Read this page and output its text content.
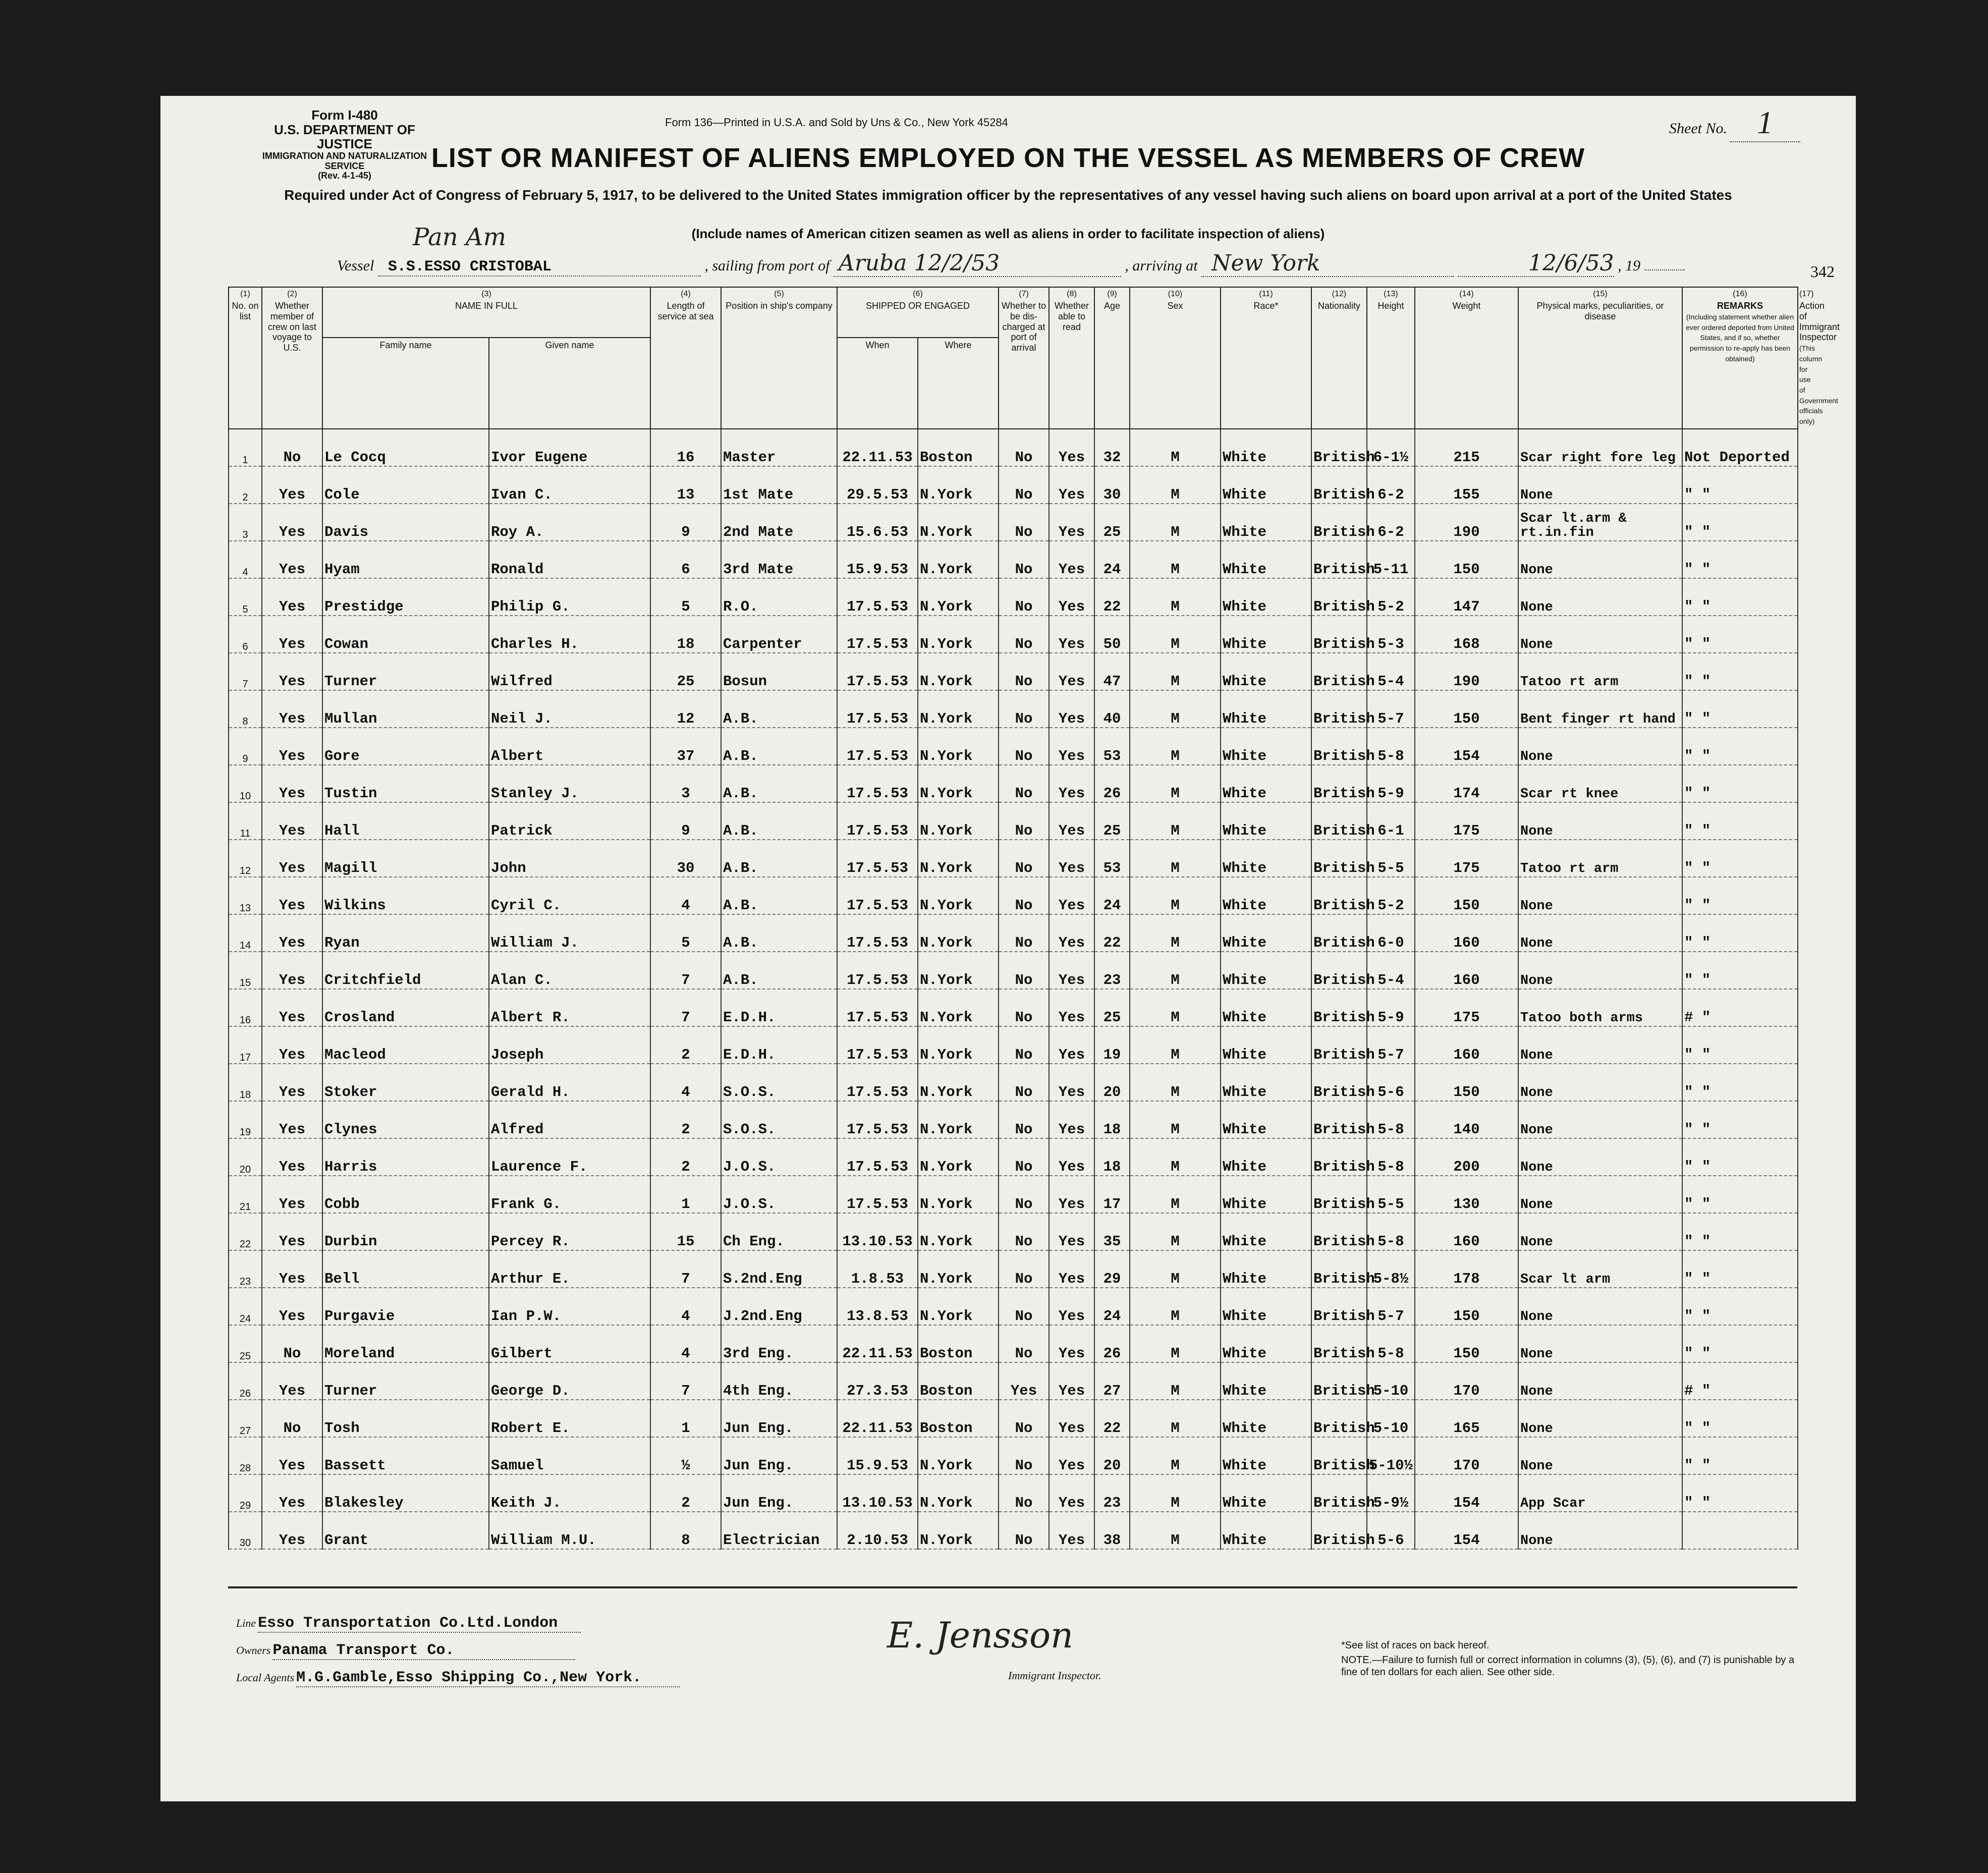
Form I-480
U.S. DEPARTMENT OF JUSTICE
IMMIGRATION AND NATURALIZATION SERVICE
(Rev. 4-1-45)
Form 136—Printed in U.S.A. and Sold by Uns & Co., New York 45284	Sheet No. 1
LIST OR MANIFEST OF ALIENS EMPLOYED ON THE VESSEL AS MEMBERS OF CREW
Required under Act of Congress of February 5, 1917, to be delivered to the United States immigration officer by the representatives of any vessel having such aliens on board upon arrival at a port of the United States
(Include names of American citizen seamen as well as aliens in order to facilitate inspection of aliens)
Pan Am
Vessel S.S.ESSO CRISTOBAL	, sailing from port of Aruba 12/2/53	, arriving at New York	12/6/53 , 19	342
(1)
No. on list	(2)
Whether member of crew on last voyage to U.S.	(3)
NAME IN FULL		(4)
Length of service at sea	(5)
Position in ship's company	(6)
SHIPPED OR ENGAGED		(7)
Whether to be dis-charged at port of arrival	(8)
Whether able to read	(9)
Age	(10)
Sex	(11)
Race*	(12)
Nationality	(13)
Height	(14)
Weight	(15)
Physical marks, peculiarities, or disease	(16)
REMARKS
(Including statement whether alien ever ordered deported from United States, and if so, whether permission to re-apply has been obtained)	(17)
Action of Immigrant Inspector
(This column for use of Government officials only)
		Family name	Given name			When	Where											
1	No	Le Cocq	Ivor Eugene	16	Master	22.11.53	Boston	No	Yes	32	M	White	British	6-1½	215	Scar right fore leg	Not Deported	
2	Yes	Cole	Ivan C.	13	1st Mate	29.5.53	N.York	No	Yes	30	M	White	British	6-2	155	None	" "	
3	Yes	Davis	Roy A.	9	2nd Mate	15.6.53	N.York	No	Yes	25	M	White	British	6-2	190	Scar lt.arm & rt.in.fin	" "	
4	Yes	Hyam	Ronald	6	3rd Mate	15.9.53	N.York	No	Yes	24	M	White	British	5-11	150	None	" "	
5	Yes	Prestidge	Philip G.	5	R.O.	17.5.53	N.York	No	Yes	22	M	White	British	5-2	147	None	" "	
6	Yes	Cowan	Charles H.	18	Carpenter	17.5.53	N.York	No	Yes	50	M	White	British	5-3	168	None	" "	
7	Yes	Turner	Wilfred	25	Bosun	17.5.53	N.York	No	Yes	47	M	White	British	5-4	190	Tatoo rt arm	" "	
8	Yes	Mullan	Neil J.	12	A.B.	17.5.53	N.York	No	Yes	40	M	White	British	5-7	150	Bent finger rt hand	" "	
9	Yes	Gore	Albert	37	A.B.	17.5.53	N.York	No	Yes	53	M	White	British	5-8	154	None	" "	
10	Yes	Tustin	Stanley J.	3	A.B.	17.5.53	N.York	No	Yes	26	M	White	British	5-9	174	Scar rt knee	" "	
11	Yes	Hall	Patrick	9	A.B.	17.5.53	N.York	No	Yes	25	M	White	British	6-1	175	None	" "	
12	Yes	Magill	John	30	A.B.	17.5.53	N.York	No	Yes	53	M	White	British	5-5	175	Tatoo rt arm	" "	
13	Yes	Wilkins	Cyril C.	4	A.B.	17.5.53	N.York	No	Yes	24	M	White	British	5-2	150	None	" "	
14	Yes	Ryan	William J.	5	A.B.	17.5.53	N.York	No	Yes	22	M	White	British	6-0	160	None	" "	
15	Yes	Critchfield	Alan C.	7	A.B.	17.5.53	N.York	No	Yes	23	M	White	British	5-4	160	None	" "	
16	Yes	Crosland	Albert R.	7	E.D.H.	17.5.53	N.York	No	Yes	25	M	White	British	5-9	175	Tatoo both arms	# "	
17	Yes	Macleod	Joseph	2	E.D.H.	17.5.53	N.York	No	Yes	19	M	White	British	5-7	160	None	" "	
18	Yes	Stoker	Gerald H.	4	S.O.S.	17.5.53	N.York	No	Yes	20	M	White	British	5-6	150	None	" "	
19	Yes	Clynes	Alfred	2	S.O.S.	17.5.53	N.York	No	Yes	18	M	White	British	5-8	140	None	" "	
20	Yes	Harris	Laurence F.	2	J.O.S.	17.5.53	N.York	No	Yes	18	M	White	British	5-8	200	None	" "	
21	Yes	Cobb	Frank G.	1	J.O.S.	17.5.53	N.York	No	Yes	17	M	White	British	5-5	130	None	" "	
22	Yes	Durbin	Percey R.	15	Ch Eng.	13.10.53	N.York	No	Yes	35	M	White	British	5-8	160	None	" "	
23	Yes	Bell	Arthur E.	7	S.2nd.Eng	1.8.53	N.York	No	Yes	29	M	White	British	5-8½	178	Scar lt arm	" "	
24	Yes	Purgavie	Ian P.W.	4	J.2nd.Eng	13.8.53	N.York	No	Yes	24	M	White	British	5-7	150	None	" "	
25	No	Moreland	Gilbert	4	3rd Eng.	22.11.53	Boston	No	Yes	26	M	White	British	5-8	150	None	" "	
26	Yes	Turner	George D.	7	4th Eng.	27.3.53	Boston	Yes	Yes	27	M	White	British	5-10	170	None	# "	
27	No	Tosh	Robert E.	1	Jun Eng.	22.11.53	Boston	No	Yes	22	M	White	British	5-10	165	None	" "	
28	Yes	Bassett	Samuel	½	Jun Eng.	15.9.53	N.York	No	Yes	20	M	White	British	5-10½	170	None	" "	
29	Yes	Blakesley	Keith J.	2	Jun Eng.	13.10.53	N.York	No	Yes	23	M	White	British	5-9½	154	App Scar	" "	
30	Yes	Grant	William M.U.	8	Electrician	2.10.53	N.York	No	Yes	38	M	White	British	5-6	154	None		
Line Esso Transportation Co.Ltd.London
Owners Panama Transport Co.
Local Agents M.G.Gamble,Esso Shipping Co.,New York.
E. Jensson
Immigrant Inspector.
*See list of races on back hereof.
NOTE.—Failure to furnish full or correct information in columns (3), (5), (6), and (7) is punishable by a fine of ten dollars for each alien. See other side.
